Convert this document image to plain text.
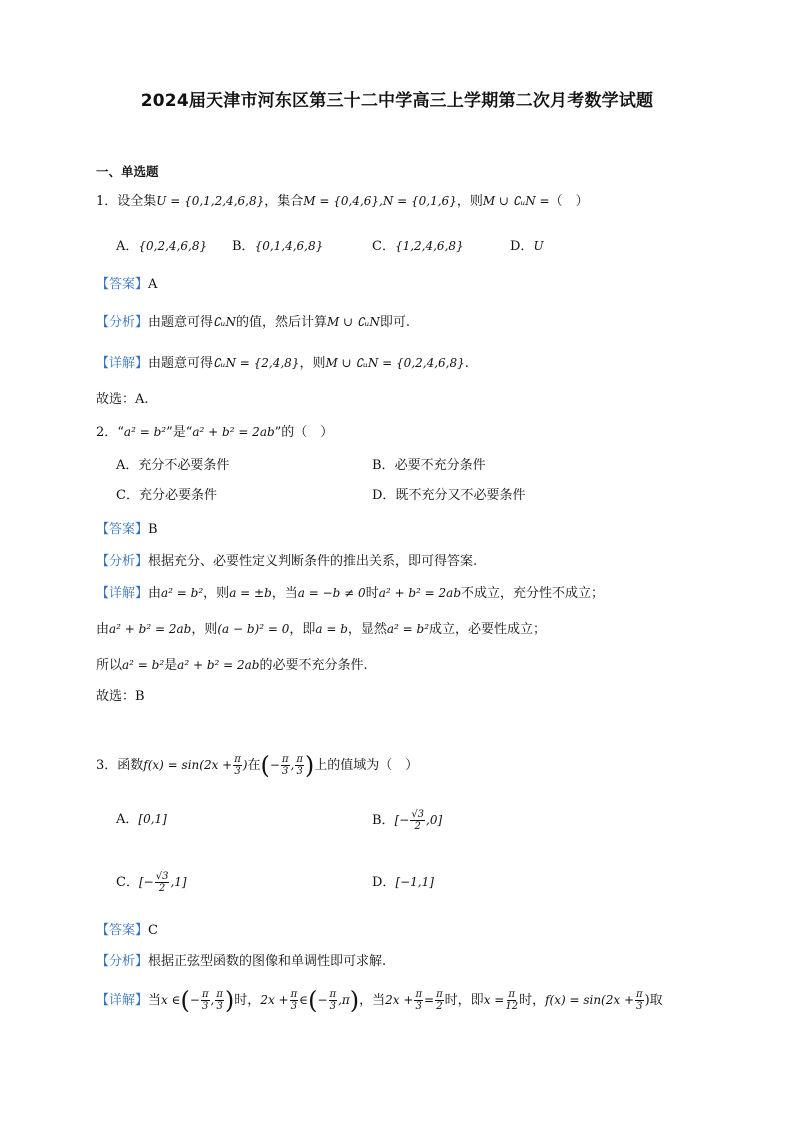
2024届天津市河东区第三十二中学高三上学期第二次月考数学试题
一、单选题
1．设全集U = {0,1,2,4,6,8}，集合M = {0,4,6},N = {0,1,6}，则M ∪ ∁ᵤN =（　）
A．{0,2,4,6,8} B．{0,1,4,6,8}	C．{1,2,4,6,8}	D．U
【答案】A
【分析】由题意可得∁ᵤN的值，然后计算M ∪ ∁ᵤN即可.
【详解】由题意可得∁ᵤN = {2,4,8}，则M ∪ ∁ᵤN = {0,2,4,6,8}.
故选：A.
2．“a² = b²”是“a² + b² = 2ab”的（　）
A．充分不必要条件	B．必要不充分条件
C．充分必要条件	D．既不充分又不必要条件
【答案】B
【分析】根据充分、必要性定义判断条件的推出关系，即可得答案.
【详解】由a² = b²，则a = ±b，当a = −b ≠ 0时a² + b² = 2ab不成立，充分性不成立；
由a² + b² = 2ab，则(a − b)² = 0，即a = b，显然a² = b²成立，必要性成立；
所以a² = b²是a² + b² = 2ab的必要不充分条件.
故选：B
3．函数$f(x) = \sin(2x + \frac{\pi}{3}$ )在(− $\frac{\pi}{3}$ , $\frac{\pi}{3}$ )上的值域为（　）
A．[0,1]	B．[− $\frac{√3}{2} ,0$]
C．[− $\frac{√3}{2} ,1$]	D．[−1,1]
【答案】C
【分析】根据正弦型函数的图像和单调性即可求解.
【详解】当x ∈(− $\frac{\pi}{3}$ , $\frac{\pi}{3}$ )时，$2x + \frac{\pi}{3}$ ∈(− $\frac{\pi}{3} ,\pi$)，当$2x + \frac{\pi}{3} = \frac{\pi}{2}$ 时，即$x = \frac{\pi}{12}$ 时，$f(x) = \sin(2x + \frac{\pi}{3}$ )取
